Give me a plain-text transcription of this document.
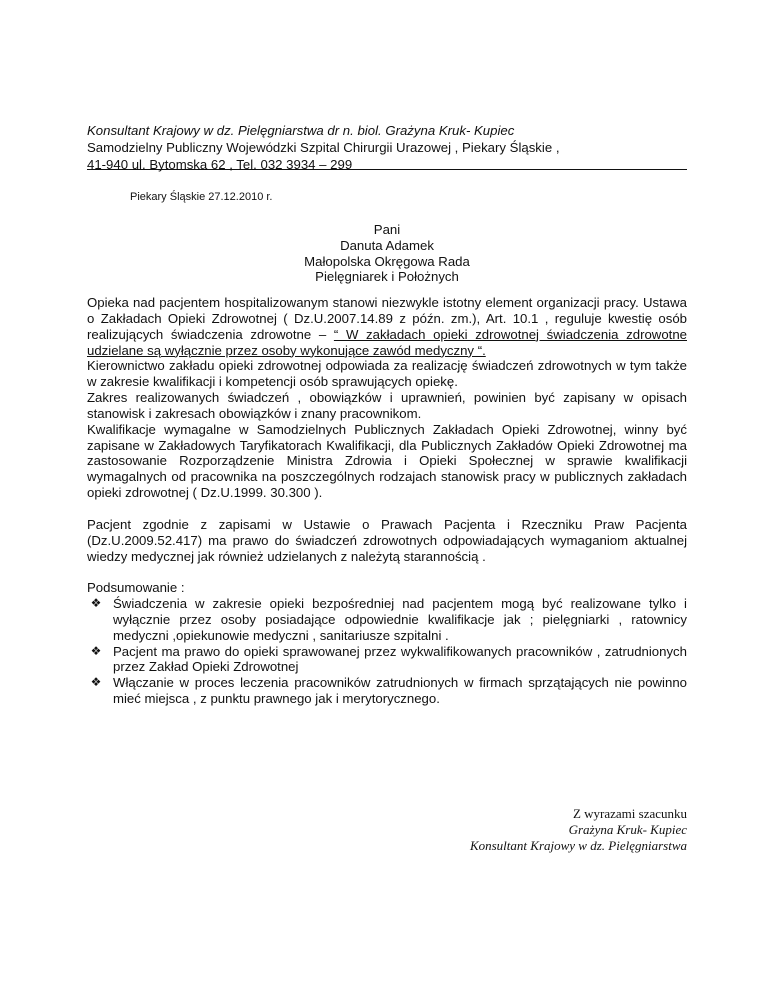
Konsultant Krajowy w dz. Pielęgniarstwa dr n. biol. Grażyna Kruk- Kupiec
Samodzielny Publiczny Wojewódzki Szpital Chirurgii Urazowej , Piekary Śląskie ,
41-940 ul. Bytomska 62 , Tel. 032 3934 – 299
Piekary Śląskie 27.12.2010 r.
Pani
Danuta Adamek
Małopolska Okręgowa Rada
Pielęgniarek i Położnych

Opieka nad pacjentem hospitalizowanym stanowi niezwykle istotny element organizacji pracy. Ustawa o Zakładach Opieki Zdrowotnej ( Dz.U.2007.14.89 z późn. zm.), Art. 10.1 , reguluje kwestię osób realizujących świadczenia zdrowotne – “ W zakładach opieki zdrowotnej świadczenia zdrowotne udzielane są wyłącznie przez osoby wykonujące zawód medyczny “.

Kierownictwo zakładu opieki zdrowotnej odpowiada za realizację świadczeń zdrowotnych w tym także w zakresie kwalifikacji i kompetencji osób sprawujących opiekę.

Zakres realizowanych świadczeń , obowiązków i uprawnień, powinien być zapisany w opisach stanowisk i zakresach obowiązków i znany pracownikom.

Kwalifikacje wymagalne w Samodzielnych Publicznych Zakładach Opieki Zdrowotnej, winny być zapisane w Zakładowych Taryfikatorach Kwalifikacji, dla Publicznych Zakładów Opieki Zdrowotnej ma zastosowanie Rozporządzenie Ministra Zdrowia i Opieki Społecznej w sprawie kwalifikacji wymagalnych od pracownika na poszczególnych rodzajach stanowisk pracy w publicznych zakładach opieki zdrowotnej ( Dz.U.1999. 30.300 ).

Pacjent zgodnie z zapisami w Ustawie o Prawach Pacjenta i Rzeczniku Praw Pacjenta (Dz.U.2009.52.417) ma prawo do świadczeń zdrowotnych odpowiadających wymaganiom aktualnej wiedzy medycznej jak również udzielanych z należytą starannością .

Podsumowanie :

❖ Świadczenia w zakresie opieki bezpośredniej nad pacjentem mogą być realizowane tylko i wyłącznie przez osoby posiadające odpowiednie kwalifikacje jak ; pielęgniarki , ratownicy medyczni ,opiekunowie medyczni , sanitariusze szpitalni .
❖ Pacjent ma prawo do opieki sprawowanej przez wykwalifikowanych pracowników , zatrudnionych przez Zakład Opieki Zdrowotnej
❖ Włączanie w proces leczenia pracowników zatrudnionych w firmach sprzątających nie powinno mieć miejsca , z punktu prawnego jak i merytorycznego.
Z wyrazami szacunku
Grażyna Kruk- Kupiec
Konsultant Krajowy w dz. Pielęgniarstwa
